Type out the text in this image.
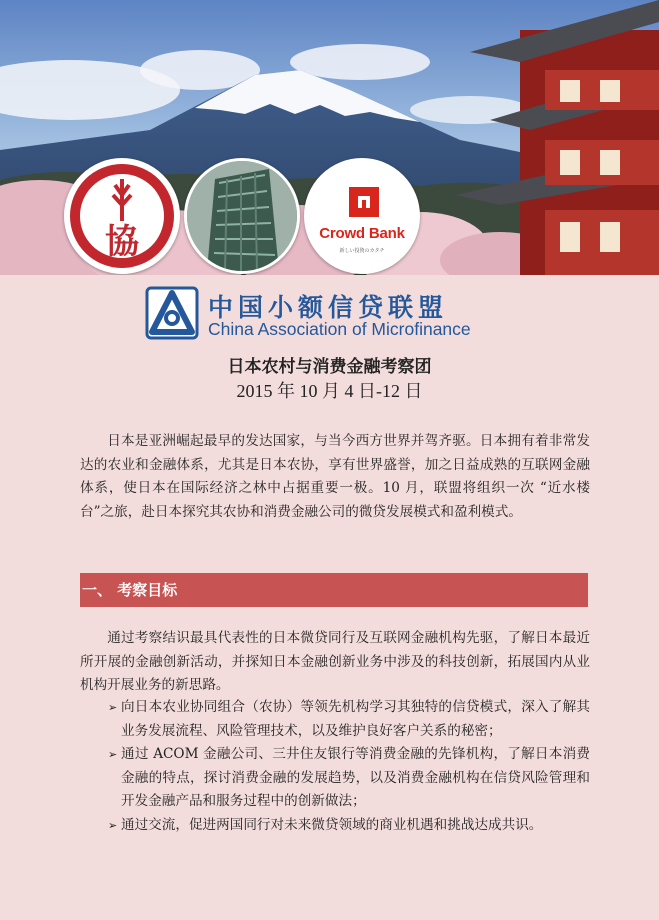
協	Crowd Bank
新しい投資のカタチ
中国小额信贷联盟
China Association of Microfinance
日本农村与消费金融考察团
2015 年 10 月 4 日-12 日

日本是亚洲崛起最早的发达国家，与当今西方世界并驾齐驱。日本拥有着非常发达的农业和金融体系，尤其是日本农协，享有世界盛誉，加之日益成熟的互联网金融体系，使日本在国际经济之林中占据重要一极。10 月，联盟将组织一次 “近水楼台”之旅，赴日本探究其农协和消费金融公司的微贷发展模式和盈利模式。

一、 考察目标

通过考察结识最具代表性的日本微贷同行及互联网金融机构先驱，了解日本最近所开展的金融创新活动，并探知日本金融创新业务中涉及的科技创新，拓展国内从业机构开展业务的新思路。

➢ 向日本农业协同组合（农协）等领先机构学习其独特的信贷模式，深入了解其业务发展流程、风险管理技术，以及维护良好客户关系的秘密；
➢ 通过 ACOM 金融公司、三井住友银行等消费金融的先锋机构，了解日本消费金融的特点，探讨消费金融的发展趋势，以及消费金融机构在信贷风险管理和开发金融产品和服务过程中的创新做法；
➢ 通过交流，促进两国同行对未来微贷领域的商业机遇和挑战达成共识。
